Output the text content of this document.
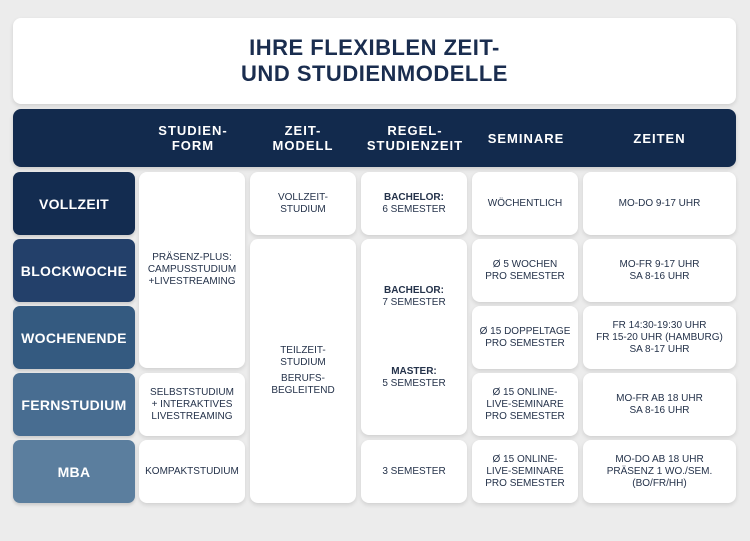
IHRE FLEXIBLEN ZEIT-
UND STUDIENMODELLE
STUDIEN-
FORM
ZEIT-
MODELL
REGEL-
STUDIENZEIT SEMINARE	ZEITEN
VOLLZEIT
BLOCKWOCHE
WOCHENENDE
FERNSTUDIUM
MBA
PRÄSENZ-PLUS:
CAMPUSSTUDIUM
+LIVESTREAMING
SELBSTSTUDIUM
+ INTERAKTIVES
LIVESTREAMING
KOMPAKTSTUDIUM
VOLLZEIT-
STUDIUM
TEILZEIT-
STUDIUM
BERUFS-
BEGLEITEND
BACHELOR:
6 SEMESTER
BACHELOR:
7 SEMESTER
MASTER:
5 SEMESTER
3 SEMESTER
WÖCHENTLICH
Ø 5 WOCHEN
PRO SEMESTER
Ø 15 DOPPELTAGE
PRO SEMESTER
Ø 15 ONLINE-
LIVE-SEMINARE
PRO SEMESTER
Ø 15 ONLINE-
LIVE-SEMINARE
PRO SEMESTER
MO-DO 9-17 UHR
MO-FR 9-17 UHR
SA 8-16 UHR
FR 14:30-19:30 UHR
FR 15-20 UHR (HAMBURG)
SA 8-17 UHR
MO-FR AB 18 UHR
SA 8-16 UHR
MO-DO AB 18 UHR
PRÄSENZ 1 WO./SEM.
(BO/FR/HH)
